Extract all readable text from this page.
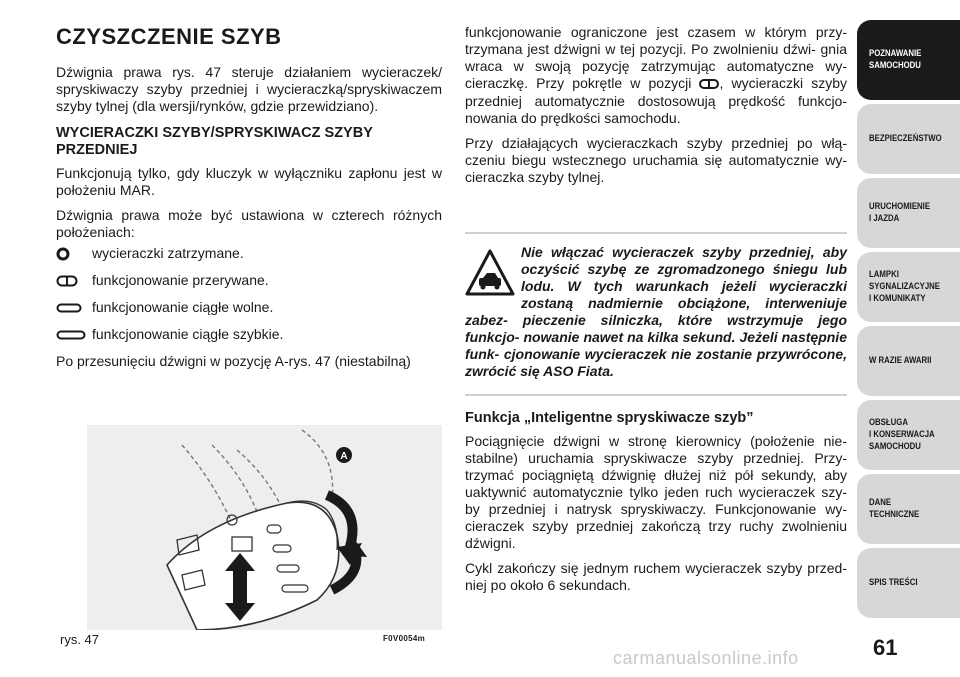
CZYSZCZENIE SZYB

Dźwignia prawa rys. 47 steruje działaniem wycieraczek/ spryskiwaczy szyby przedniej i wycieraczką/spryskiwaczem szyby tylnej (dla wersji/rynków, gdzie przewidziano).

WYCIERACZKI SZYBY/SPRYSKIWACZ SZYBY PRZEDNIEJ

Funkcjonują tylko, gdy kluczyk w wyłączniku zapłonu jest w położeniu MAR.

Dźwignia prawa może być ustawiona w czterech różnych położeniach:

wycieraczki zatrzymane.
funkcjonowanie przerywane.
funkcjonowanie ciągłe wolne.
funkcjonowanie ciągłe szybkie.

Po przesunięciu dźwigni w pozycję A-rys. 47 (niestabilną)

A
rys. 47	F0V0054m

funkcjonowanie ograniczone jest czasem w którym przy- trzymana jest dźwigni w tej pozycji. Po zwolnieniu dźwi- gnia wraca w swoją pozycję zatrzymując automatyczne wy- cieraczkę. Przy pokrętle w pozycji , wycieraczki szyby przedniej automatycznie dostosowują prędkość funkcjo- nowania do prędkości samochodu.

Przy działających wycieraczkach szyby przedniej po włą- czeniu biegu wstecznego uruchamia się automatycznie wy- cieraczka szyby tylnej.

Nie włączać wycieraczek szyby przedniej, aby oczyścić szybę ze zgromadzonego śniegu lub lodu. W tych warunkach jeżeli wycieraczki zostaną nadmiernie obciążone, interweniuje zabez- pieczenie silniczka, które wstrzymuje jego funkcjo- nowanie nawet na kilka sekund. Jeżeli następnie funk- cjonowanie wycieraczek nie zostanie przywrócone, zwrócić się ASO Fiata.

Funkcja „Inteligentne spryskiwacze szyb”

Pociągnięcie dźwigni w stronę kierownicy (położenie nie- stabilne) uruchamia spryskiwacze szyby przedniej. Przy- trzymać pociągniętą dźwignię dłużej niż pół sekundy, aby uaktywnić automatycznie tylko jeden ruch wycieraczek szy- by przedniej i natrysk spryskiwaczy. Funkcjonowanie wy- cieraczek szyby przedniej zakończą trzy ruchy zwolnieniu dźwigni.

Cykl zakończy się jednym ruchem wycieraczek szyby przed- niej po około 6 sekundach.

POZNAWANIE
SAMOCHODU
BEZPIECZEŃSTWO
URUCHOMIENIE
I JAZDA
LAMPKI
SYGNALIZACYJNE
I KOMUNIKATY
W RAZIE AWARII
OBSŁUGA
I KONSERWACJA
SAMOCHODU
DANE
TECHNICZNE
SPIS TREŚCI
61
carmanualsonline.info
